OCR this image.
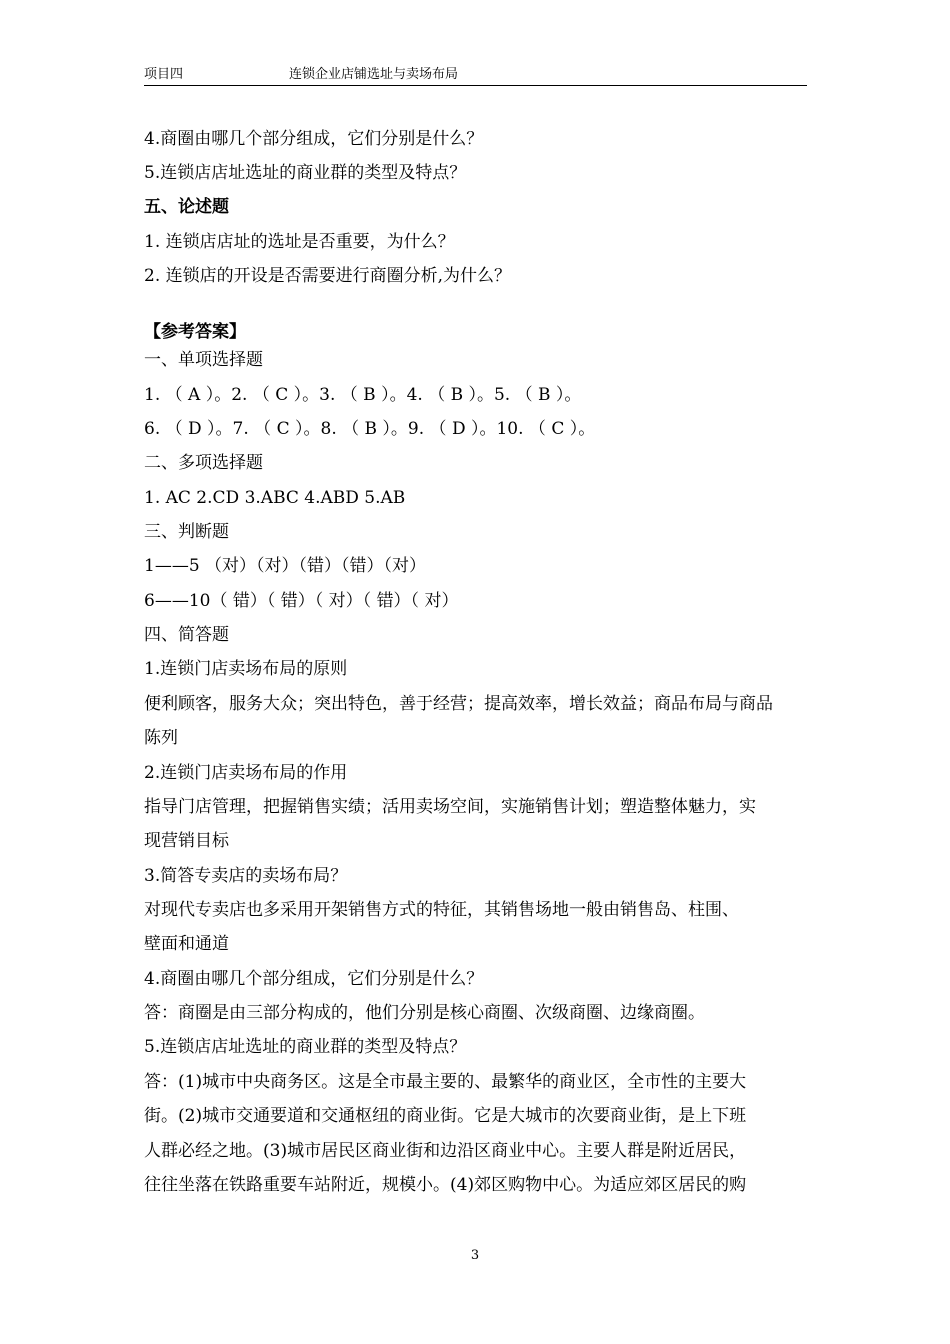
项目四	连锁企业店铺选址与卖场布局
4.商圈由哪几个部分组成，它们分别是什么？
5.连锁店店址选址的商业群的类型及特点？
五、论述题
1. 连锁店店址的选址是否重要，为什么？
2. 连锁店的开设是否需要进行商圈分析,为什么？
【参考答案】
一、单项选择题
1. （ A ）。2. （ C ）。3. （ B ）。4. （ B ）。5. （ B ）。
6. （ D ）。7. （ C ）。8. （ B ）。9. （ D ）。10. （ C ）。
二、多项选择题
1. AC 2.CD 3.ABC 4.ABD 5.AB
三、判断题
1——5 （对）（对）（错）（错）（对）
6——10（ 错）（ 错）（ 对）（ 错）（ 对）
四、简答题
1.连锁门店卖场布局的原则
便利顾客，服务大众；突出特色，善于经营；提高效率，增长效益；商品布局与商品
陈列
2.连锁门店卖场布局的作用
指导门店管理，把握销售实绩；活用卖场空间，实施销售计划；塑造整体魅力，实
现营销目标
3.简答专卖店的卖场布局？
对现代专卖店也多采用开架销售方式的特征，其销售场地一般由销售岛、柱围、
壁面和通道
4.商圈由哪几个部分组成，它们分别是什么？
答：商圈是由三部分构成的，他们分别是核心商圈、次级商圈、边缘商圈。
5.连锁店店址选址的商业群的类型及特点？
答：(1)城市中央商务区。这是全市最主要的、最繁华的商业区，全市性的主要大
街。(2)城市交通要道和交通枢纽的商业街。它是大城市的次要商业街，是上下班
人群必经之地。(3)城市居民区商业街和边沿区商业中心。主要人群是附近居民，
往往坐落在铁路重要车站附近，规模小。(4)郊区购物中心。为适应郊区居民的购
3
